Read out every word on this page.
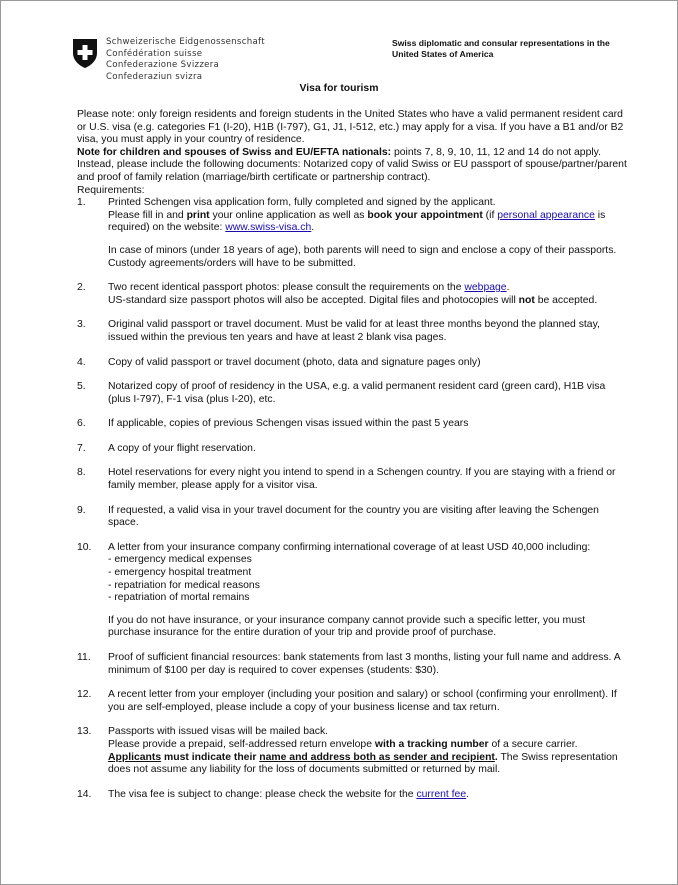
Schweizerische Eidgenossenschaft
Confédération suisse
Confederazione Svizzera
Confederaziun svizra
Swiss diplomatic and consular representations in the
United States of America
Visa for tourism

Please note: only foreign residents and foreign students in the United States who have a valid permanent resident card or U.S. visa (e.g. categories F1 (I-20), H1B (I-797), G1, J1, I-512, etc.) may apply for a visa. If you have a B1 and/or B2 visa, you must apply in your country of residence.

Note for children and spouses of Swiss and EU/EFTA nationals: points 7, 8, 9, 10, 11, 12 and 14 do not apply. Instead, please include the following documents: Notarized copy of valid Swiss or EU passport of spouse/partner/parent and proof of family relation (marriage/birth certificate or partnership contract).

Requirements:

1. Printed Schengen visa application form, fully completed and signed by the applicant.
Please fill in and print your online application as well as book your appointment (if personal appearance is required) on the website: www.swiss-visa.ch.
In case of minors (under 18 years of age), both parents will need to sign and enclose a copy of their passports. Custody agreements/orders will have to be submitted.
2. Two recent identical passport photos: please consult the requirements on the webpage.
US-standard size passport photos will also be accepted. Digital files and photocopies will not be accepted.
3. Original valid passport or travel document. Must be valid for at least three months beyond the planned stay, issued within the previous ten years and have at least 2 blank visa pages.
4. Copy of valid passport or travel document (photo, data and signature pages only)
5. Notarized copy of proof of residency in the USA, e.g. a valid permanent resident card (green card), H1B visa (plus I-797), F-1 visa (plus I-20), etc.
6. If applicable, copies of previous Schengen visas issued within the past 5 years
7. A copy of your flight reservation.
8. Hotel reservations for every night you intend to spend in a Schengen country. If you are staying with a friend or family member, please apply for a visitor visa.
9. If requested, a valid visa in your travel document for the country you are visiting after leaving the Schengen space.
10. A letter from your insurance company confirming international coverage of at least USD 40,000 including:
- emergency medical expenses
- emergency hospital treatment
- repatriation for medical reasons
- repatriation of mortal remains
If you do not have insurance, or your insurance company cannot provide such a specific letter, you must purchase insurance for the entire duration of your trip and provide proof of purchase.
11. Proof of sufficient financial resources: bank statements from last 3 months, listing your full name and address. A minimum of $100 per day is required to cover expenses (students: $30).
12. A recent letter from your employer (including your position and salary) or school (confirming your enrollment). If you are self-employed, please include a copy of your business license and tax return.
13. Passports with issued visas will be mailed back.
Please provide a prepaid, self-addressed return envelope with a tracking number of a secure carrier. Applicants must indicate their name and address both as sender and recipient. The Swiss representation does not assume any liability for the loss of documents submitted or returned by mail.
14. The visa fee is subject to change: please check the website for the current fee.
